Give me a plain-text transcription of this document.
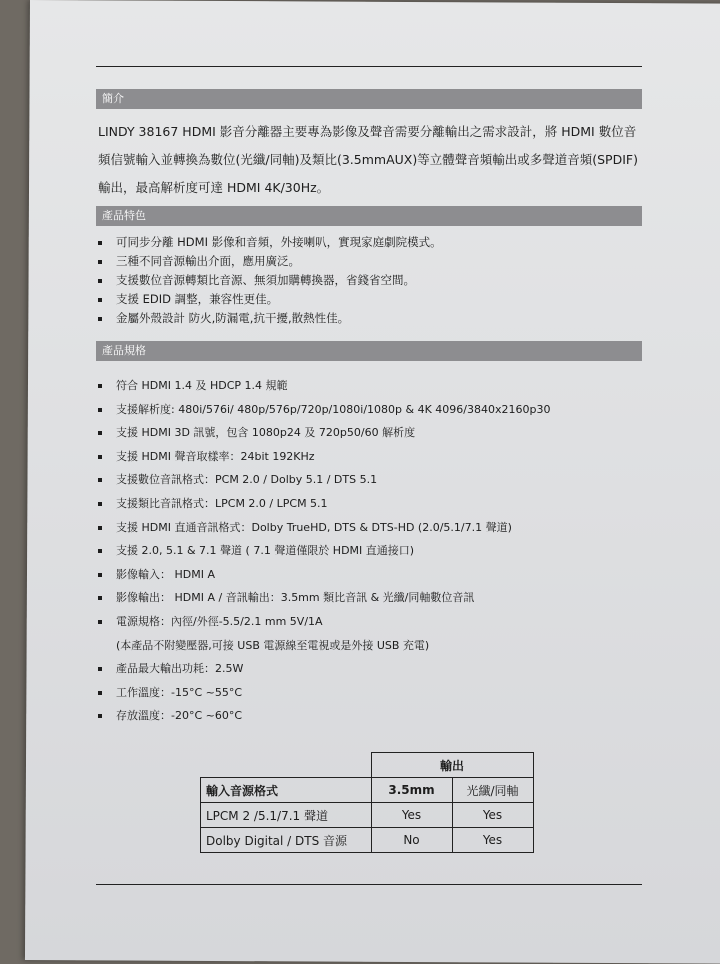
簡介
LINDY 38167 HDMI 影音分離器主要專為影像及聲音需要分離輸出之需求設計，將 HDMI 數位音
頻信號輸入並轉換為數位(光纖/同軸)及類比(3.5mmAUX)等立體聲音頻輸出或多聲道音頻(SPDIF)
輸出，最高解析度可達 HDMI 4K/30Hz。
產品特色
可同步分離 HDMI 影像和音頻，外接喇叭，實現家庭劇院模式。
三種不同音源輸出介面，應用廣泛。
支援數位音源轉類比音源、無須加購轉換器，省錢省空間。
支援 EDID 調整，兼容性更佳。
金屬外殼設計 防火,防漏電,抗干擾,散熱性佳。
產品規格
符合 HDMI 1.4 及 HDCP 1.4 規範
支援解析度: 480i/576i/ 480p/576p/720p/1080i/1080p & 4K 4096/3840x2160p30
支援 HDMI 3D 訊號，包含 1080p24 及 720p50/60 解析度
支援 HDMI 聲音取樣率：24bit 192KHz
支援數位音訊格式：PCM 2.0 / Dolby 5.1 / DTS 5.1
支援類比音訊格式：LPCM 2.0 / LPCM 5.1
支援 HDMI 直通音訊格式：Dolby TrueHD, DTS & DTS-HD (2.0/5.1/7.1 聲道)
支援 2.0, 5.1 & 7.1 聲道 ( 7.1 聲道僅限於 HDMI 直通接口)
影像輸入： HDMI A
影像輸出： HDMI A / 音訊輸出：3.5mm 類比音訊 & 光纖/同軸數位音訊
電源規格：內徑/外徑-5.5/2.1 mm 5V/1A
(本產品不附變壓器,可接 USB 電源線至電視或是外接 USB 充電)
產品最大輸出功耗：2.5W
工作溫度：-15°C ~55°C
存放溫度：-20°C ~60°C
	輸出	
輸入音源格式	3.5mm	光纖/同軸
LPCM 2 /5.1/7.1 聲道	Yes	Yes
Dolby Digital / DTS 音源	No	Yes
